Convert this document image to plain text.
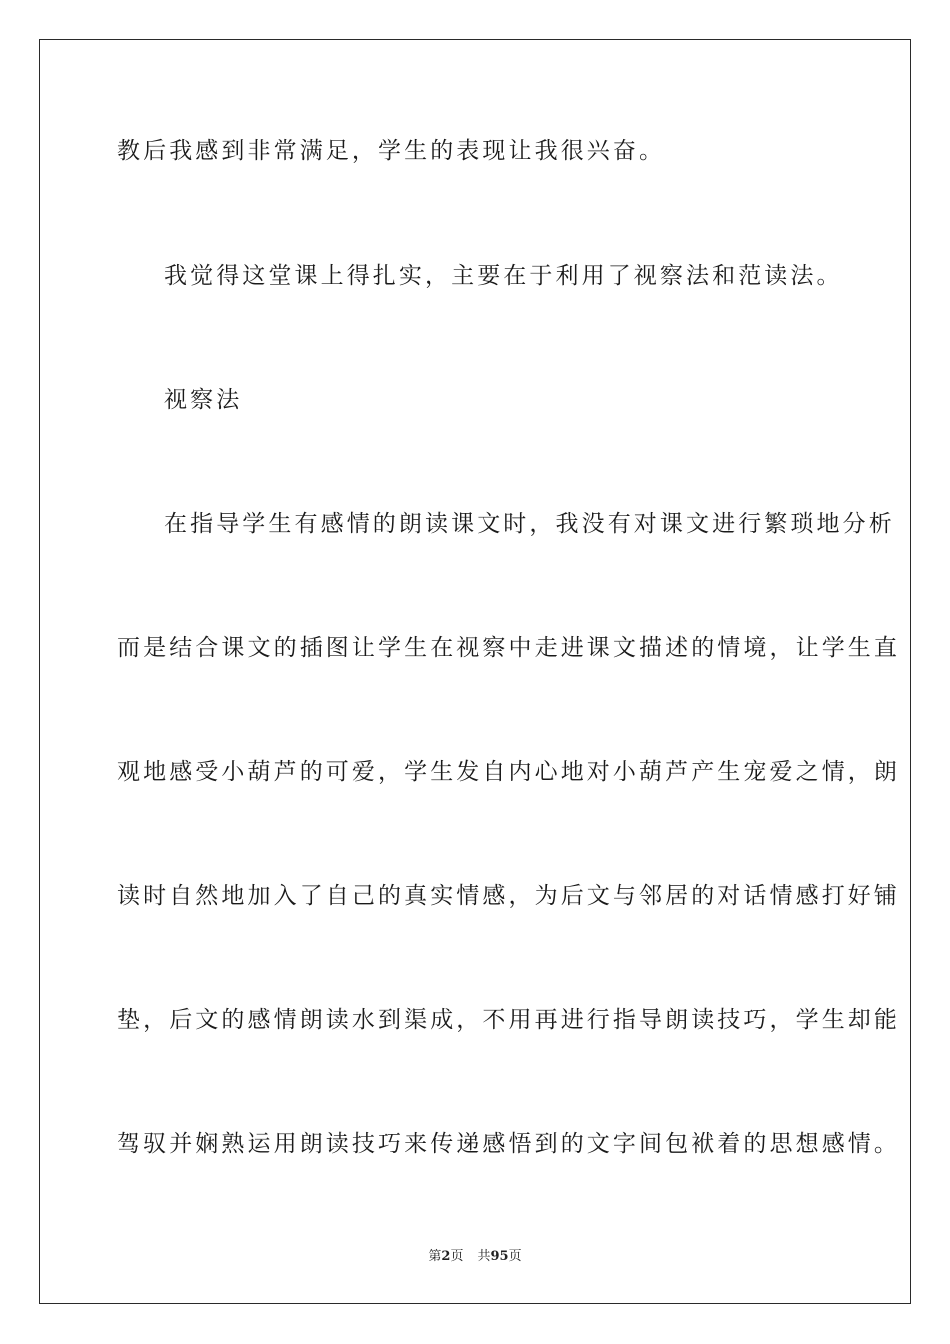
教后我感到非常满足，学生的表现让我很兴奋。
我觉得这堂课上得扎实，主要在于利用了视察法和范读法。
视察法
在指导学生有感情的朗读课文时，我没有对课文进行繁琐地分析
而是结合课文的插图让学生在视察中走进课文描述的情境，让学生直
观地感受小葫芦的可爱，学生发自内心地对小葫芦产生宠爱之情，朗
读时自然地加入了自己的真实情感，为后文与邻居的对话情感打好铺
垫，后文的感情朗读水到渠成，不用再进行指导朗读技巧，学生却能
驾驭并娴熟运用朗读技巧来传递感悟到的文字间包袱着的思想感情。
第2页 共95页
